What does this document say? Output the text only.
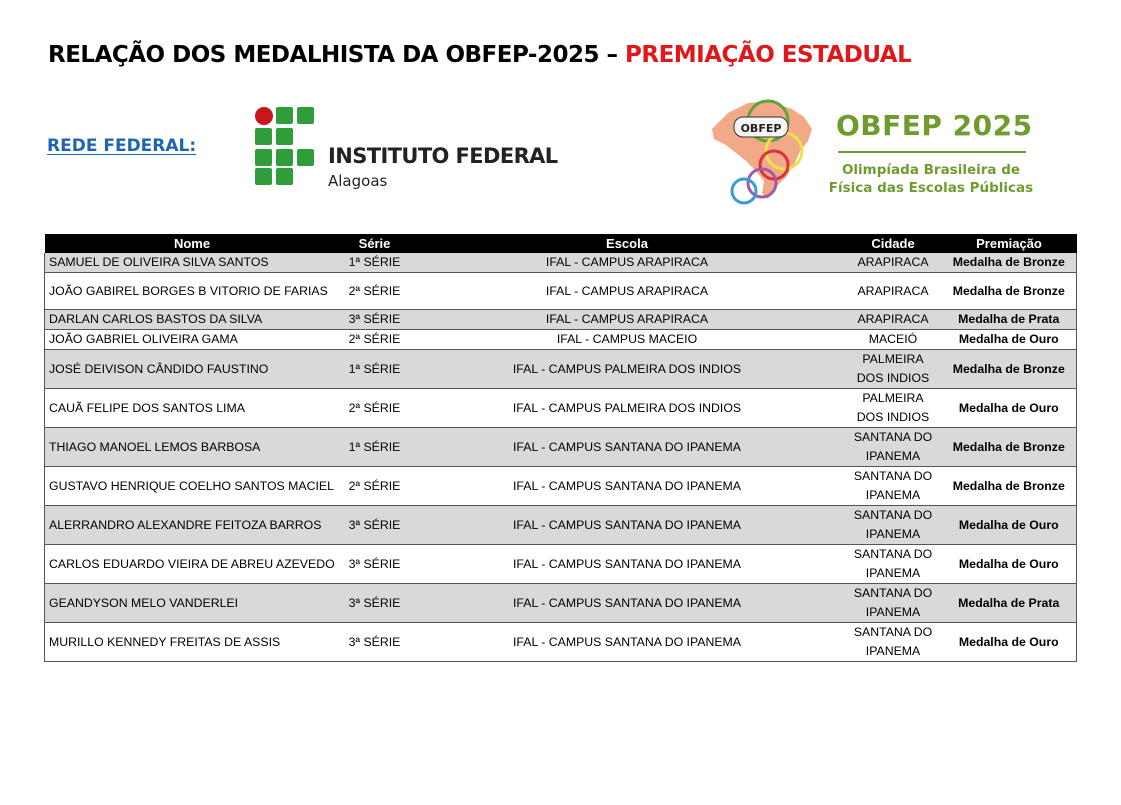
RELAÇÃO DOS MEDALHISTA DA OBFEP-2025 – PREMIAÇÃO ESTADUAL
REDE FEDERAL:	INSTITUTO FEDERAL
Alagoas
OBFEP OBFEP 2025
Olimpíada Brasileira de
Física das Escolas Públicas
Nome	Série	Escola	Cidade	Premiação
SAMUEL DE OLIVEIRA SILVA SANTOS	1ª SÉRIE	IFAL - CAMPUS ARAPIRACA	ARAPIRACA	Medalha de Bronze
JOÃO GABIREL BORGES B VITORIO DE FARIAS	2ª SÉRIE	IFAL - CAMPUS ARAPIRACA	ARAPIRACA	Medalha de Bronze
DARLAN CARLOS BASTOS DA SILVA	3ª SÉRIE	IFAL - CAMPUS ARAPIRACA	ARAPIRACA	Medalha de Prata
JOÃO GABRIEL OLIVEIRA GAMA	2ª SÉRIE	IFAL - CAMPUS MACEIO	MACEIÓ	Medalha de Ouro
JOSÉ DEIVISON CÂNDIDO FAUSTINO	1ª SÉRIE	IFAL - CAMPUS PALMEIRA DOS INDIOS	PALMEIRA DOS INDIOS	Medalha de Bronze
CAUÃ FELIPE DOS SANTOS LIMA	2ª SÉRIE	IFAL - CAMPUS PALMEIRA DOS INDIOS	PALMEIRA DOS INDIOS	Medalha de Ouro
THIAGO MANOEL LEMOS BARBOSA	1ª SÉRIE	IFAL - CAMPUS SANTANA DO IPANEMA	SANTANA DO IPANEMA	Medalha de Bronze
GUSTAVO HENRIQUE COELHO SANTOS MACIEL	2ª SÉRIE	IFAL - CAMPUS SANTANA DO IPANEMA	SANTANA DO IPANEMA	Medalha de Bronze
ALERRANDRO ALEXANDRE FEITOZA BARROS	3ª SÉRIE	IFAL - CAMPUS SANTANA DO IPANEMA	SANTANA DO IPANEMA	Medalha de Ouro
CARLOS EDUARDO VIEIRA DE ABREU AZEVEDO	3ª SÉRIE	IFAL - CAMPUS SANTANA DO IPANEMA	SANTANA DO IPANEMA	Medalha de Ouro
GEANDYSON MELO VANDERLEI	3ª SÉRIE	IFAL - CAMPUS SANTANA DO IPANEMA	SANTANA DO IPANEMA	Medalha de Prata
MURILLO KENNEDY FREITAS DE ASSIS	3ª SÉRIE	IFAL - CAMPUS SANTANA DO IPANEMA	SANTANA DO IPANEMA	Medalha de Ouro
